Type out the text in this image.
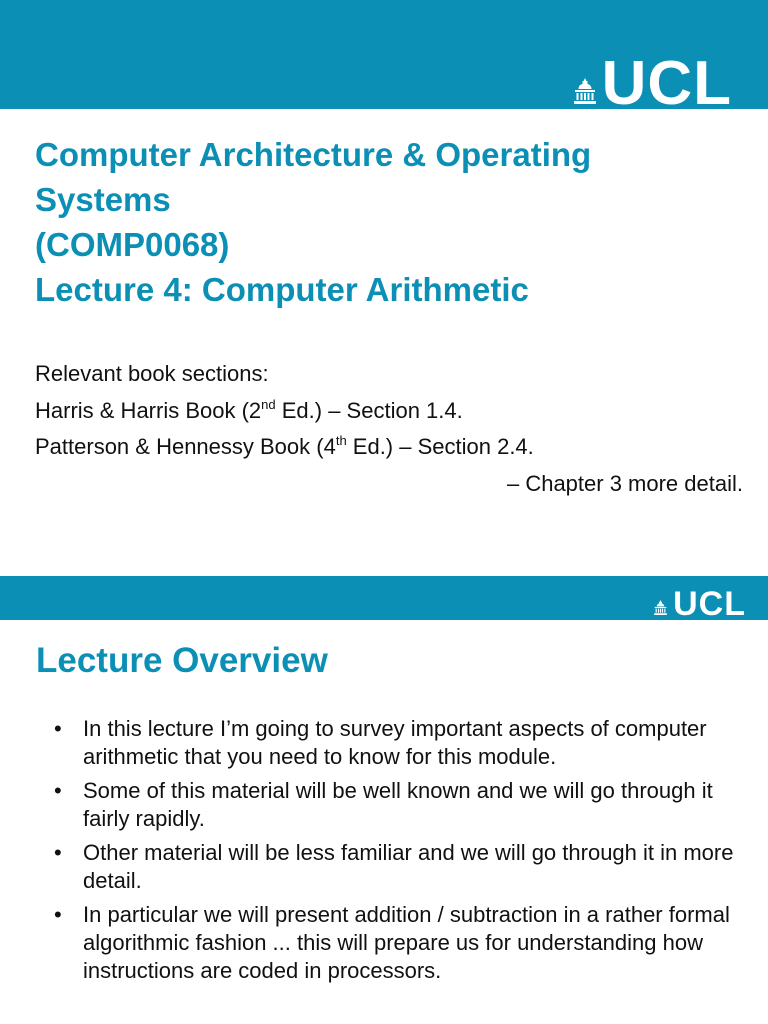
UCL
Computer Architecture & Operating
Systems
(COMP0068)
Lecture 4: Computer Arithmetic
Relevant book sections:
Harris & Harris Book (2nd Ed.) – Section 1.4.
Patterson & Hennessy Book (4th Ed.) – Section 2.4.
– Chapter 3 more detail.
UCL
Lecture Overview
• In this lecture I’m going to survey important aspects of computer arithmetic that you need to know for this module.
• Some of this material will be well known and we will go through it fairly rapidly.
• Other material will be less familiar and we will go through it in more detail.
• In particular we will present addition / subtraction in a rather formal algorithmic fashion ... this will prepare us for understanding how instructions are coded in processors.
